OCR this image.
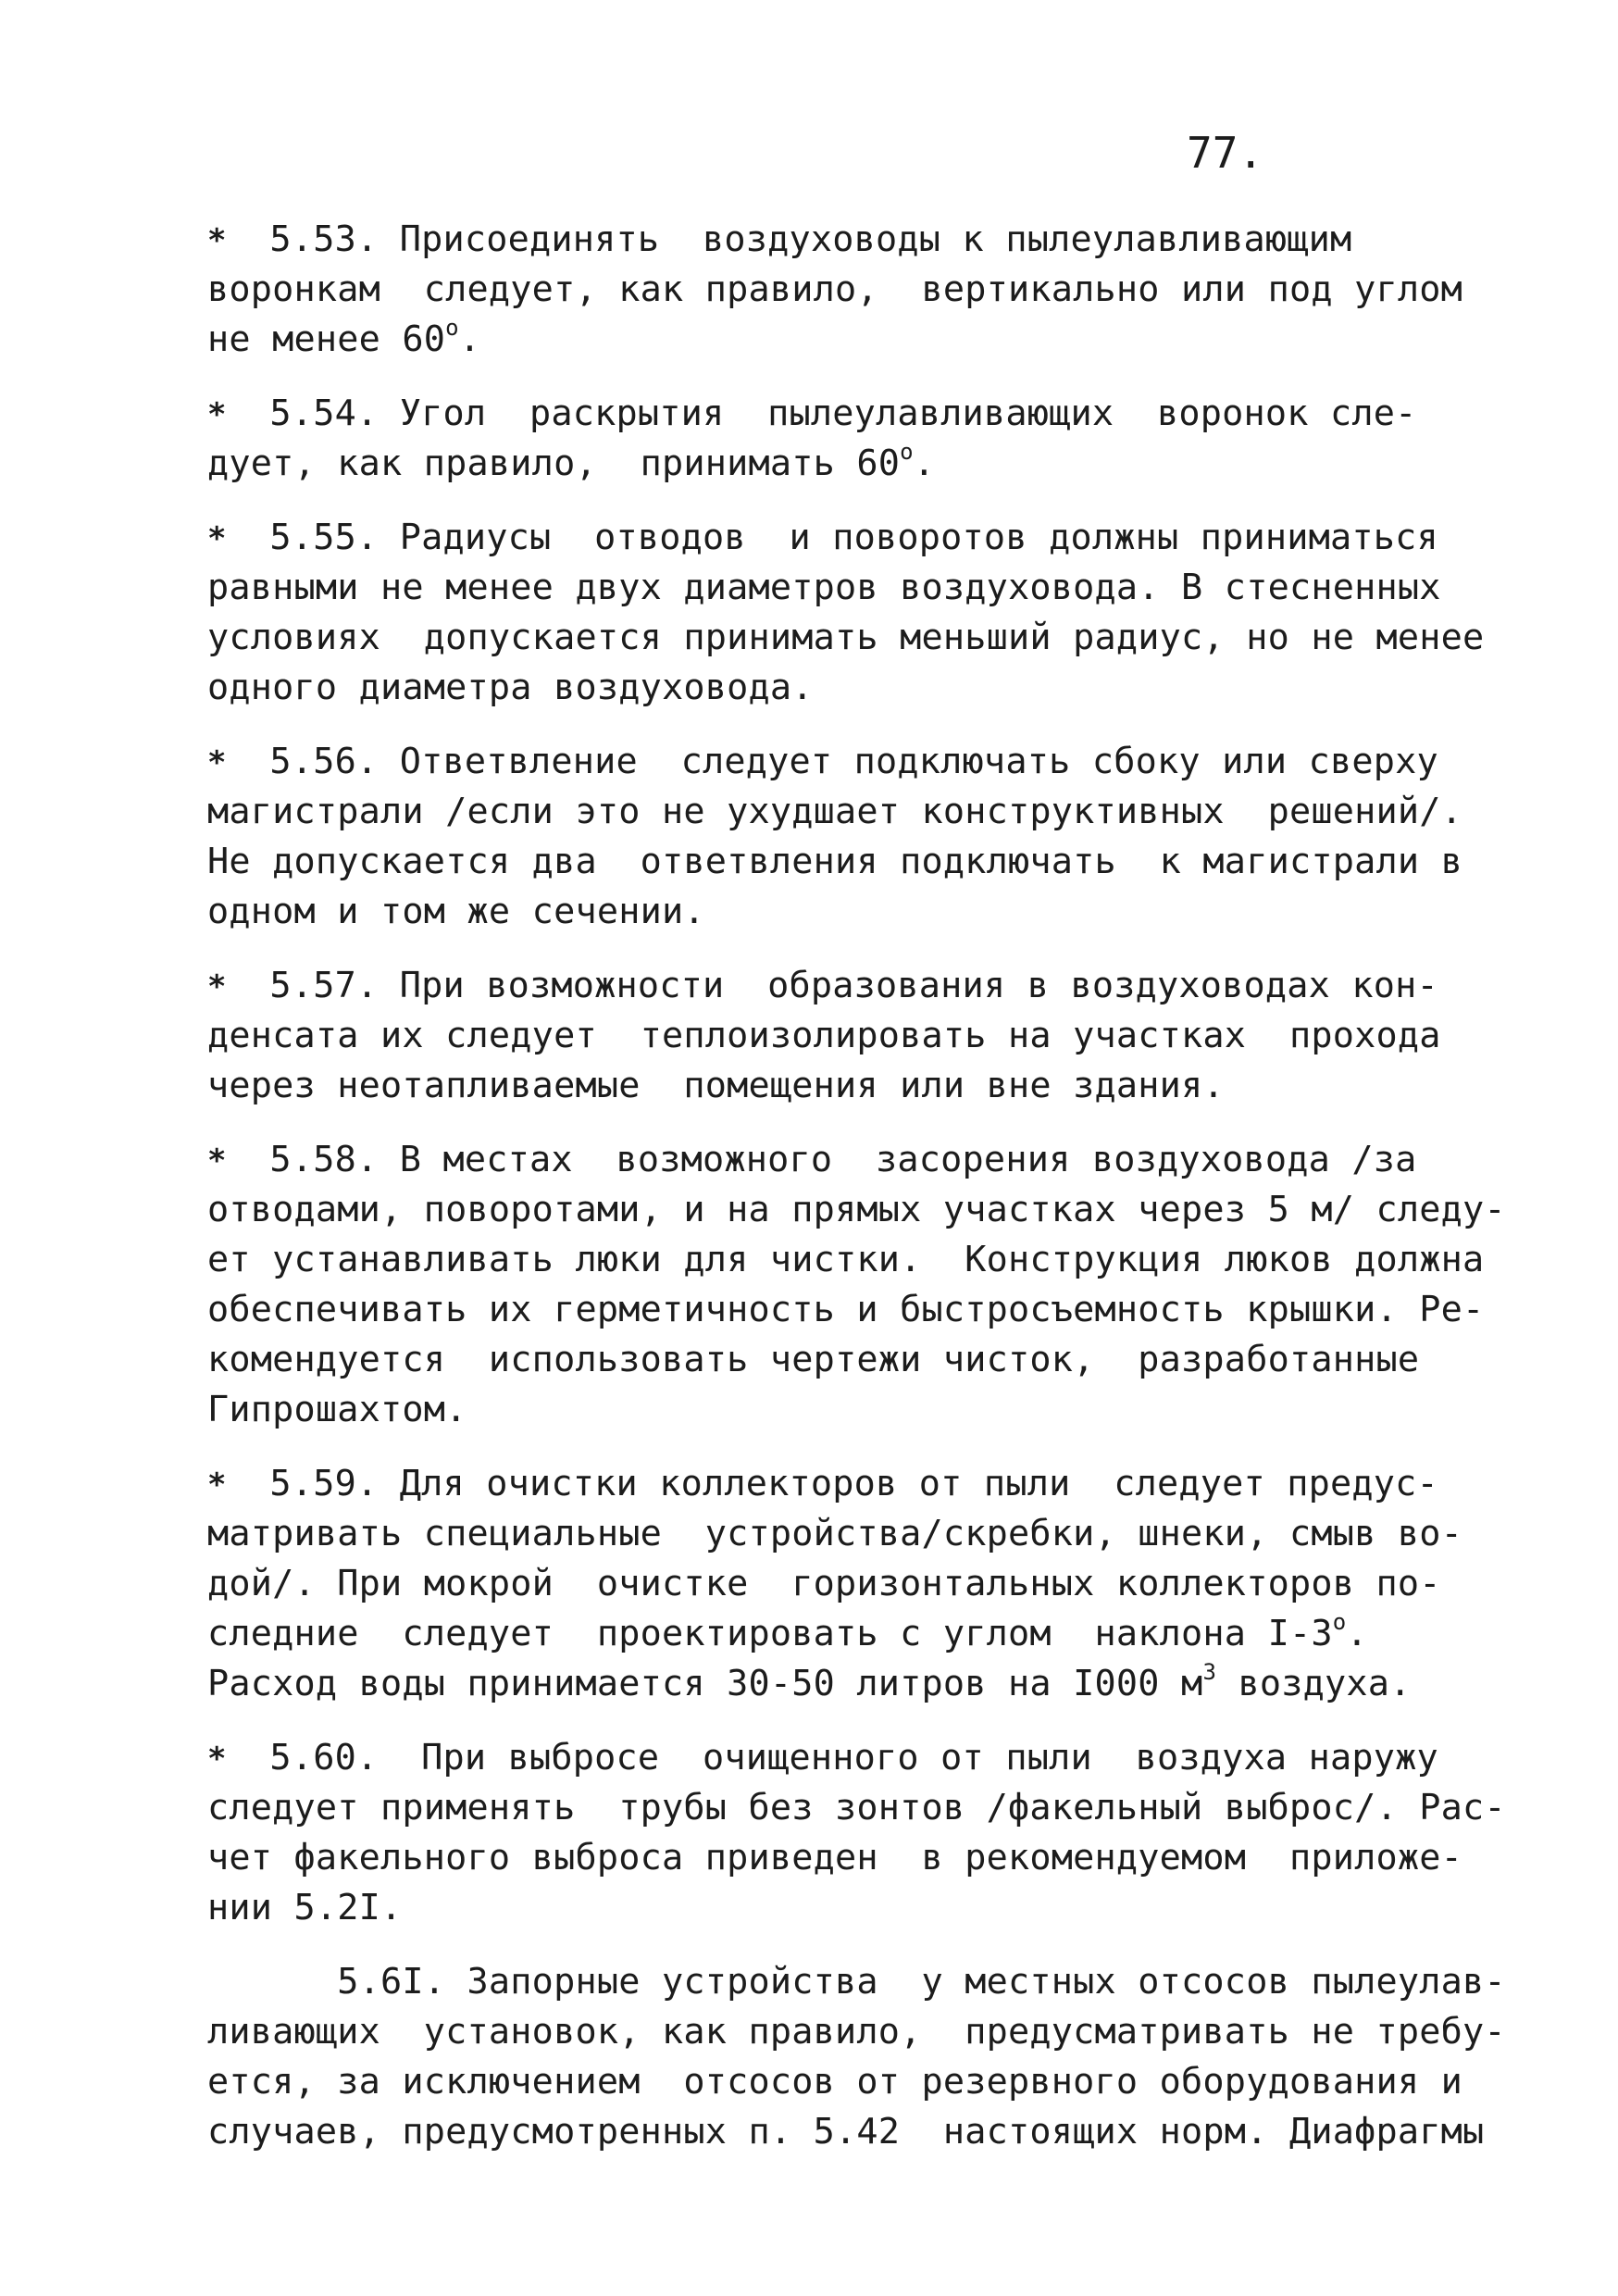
77.
*  5.53. Присоединять  воздуховоды к пылеулавливающим
воронкам  следует, как правило,  вертикально или под углом
не менее 60$^o$.
*  5.54. Угол  раскрытия  пылеулавливающих  воронок сле-
дует, как правило,  принимать 60$^o$.
*  5.55. Радиусы  отводов  и поворотов должны приниматься
равными не менее двух диаметров воздуховода. В стесненных
условиях  допускается принимать меньший радиус, но не менее
одного диаметра воздуховода.
*  5.56. Ответвление  следует подключать сбоку или сверху
магистрали /если это не ухудшает конструктивных  решений/.
Не допускается два  ответвления подключать  к магистрали в
одном и том же сечении.
*  5.57. При возможности  образования в воздуховодах кон-
денсата их следует  теплоизолировать на участках  прохода
через неотапливаемые  помещения или вне здания.
*  5.58. В местах  возможного  засорения воздуховода /за
отводами, поворотами, и на прямых участках через 5 м/ следу-
ет устанавливать люки для чистки.  Конструкция люков должна
обеспечивать их герметичность и быстросъемность крышки. Ре-
комендуется  использовать чертежи чисток,  разработанные
Гипрошахтом.
*  5.59. Для очистки коллекторов от пыли  следует предус-
матривать специальные  устройства/скребки, шнеки, смыв во-
дой/. При мокрой  очистке  горизонтальных коллекторов по-
следние  следует  проектировать с углом  наклона I-3$^o$.
Расход воды принимается 30-50 литров на I000 $м^3$ воздуха.
*  5.60.  При выбросе  очищенного от пыли  воздуха наружу
следует применять  трубы без зонтов /факельный выброс/. Рас-
чет факельного выброса приведен  в рекомендуемом  приложе-
нии 5.2I.
5.6I. Запорные устройства  у местных отсосов пылеулав-
ливающих  установок, как правило,  предусматривать не требу-
ется, за исключением  отсосов от резервного оборудования и
случаев, предусмотренных п. 5.42  настоящих норм. Диафрагмы
